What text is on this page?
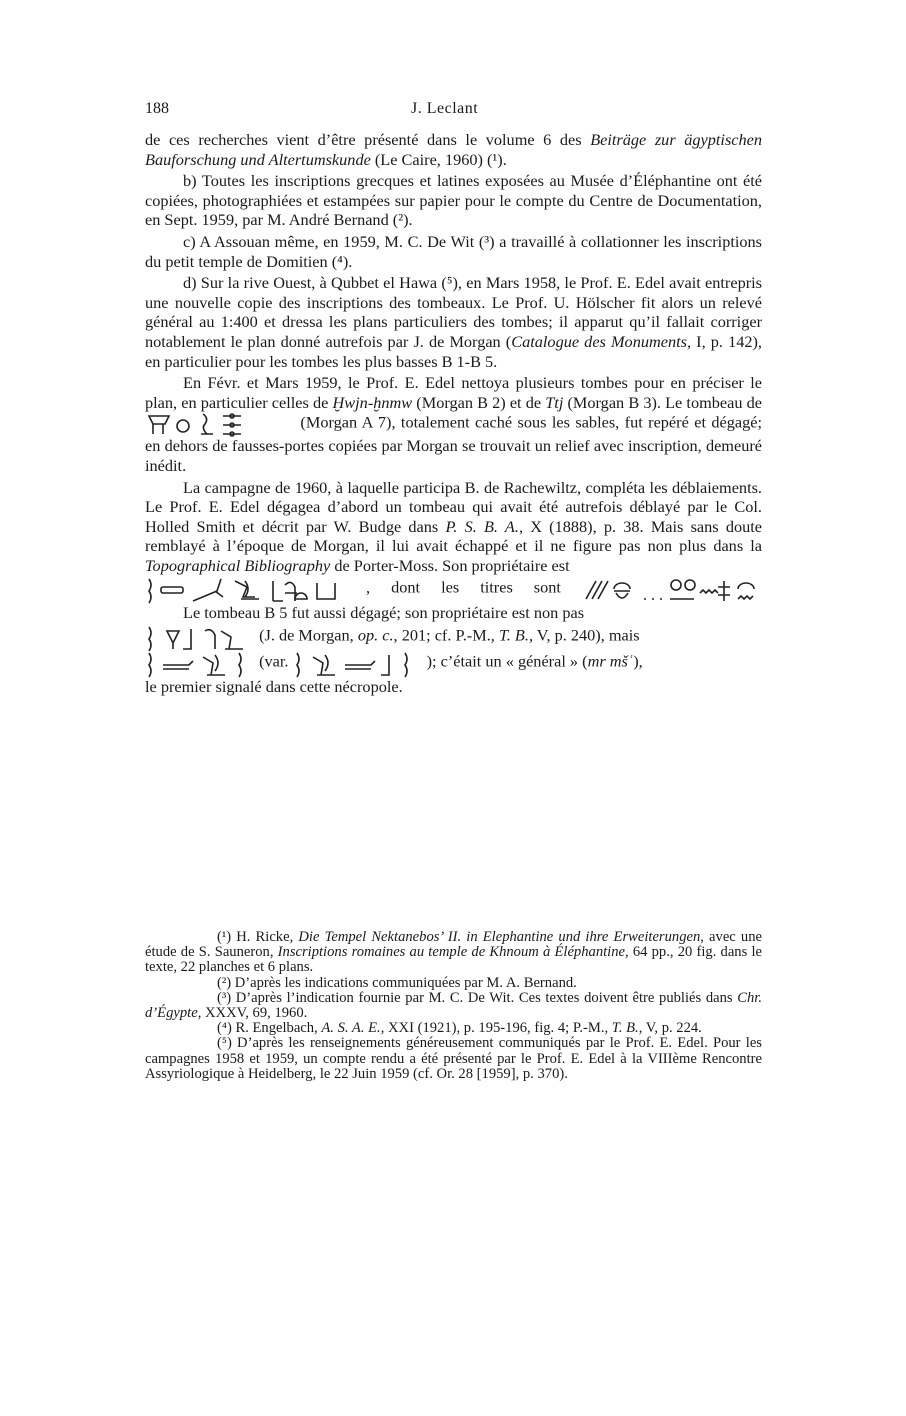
188	J. Leclant

de ces recherches vient d’être présenté dans le volume 6 des Beiträge zur ägyptischen Bauforschung und Altertumskunde (Le Caire, 1960) (¹).

b) Toutes les inscriptions grecques et latines exposées au Musée d’Éléphantine ont été copiées, photographiées et estampées sur papier pour le compte du Centre de Documentation, en Sept. 1959, par M. André Bernand (²).

c) A Assouan même, en 1959, M. C. De Wit (³) a travaillé à collationner les inscriptions du petit temple de Domitien (⁴).

d) Sur la rive Ouest, à Qubbet el Hawa (⁵), en Mars 1958, le Prof. E. Edel avait entrepris une nouvelle copie des inscriptions des tombeaux. Le Prof. U. Hölscher fit alors un relevé général au 1:400 et dressa les plans particuliers des tombes; il apparut qu’il fallait corriger notablement le plan donné autrefois par J. de Morgan (Catalogue des Monuments, I, p. 142), en particulier pour les tombes les plus basses B 1-B 5.

En Févr. et Mars 1959, le Prof. E. Edel nettoya plusieurs tombes pour en préciser le plan, en particulier celles de Ḫwjn-ḫnmw (Morgan B 2) et de Ttj (Morgan B 3). Le tombeau de
(Morgan A 7), totalement caché sous les sables, fut repéré et dégagé; en dehors de fausses-portes copiées par Morgan se trouvait un relief avec inscription, demeuré inédit.

La campagne de 1960, à laquelle participa B. de Rachewiltz, compléta les déblaiements. Le Prof. E. Edel dégagea d’abord un tombeau qui avait été autrefois déblayé par le Col. Holled Smith et décrit par W. Budge dans P. S. B. A., X (1888), p. 38. Mais sans doute remblayé à l’époque de Morgan, il lui avait échappé et il ne figure pas non plus dans la Topographical Bibliography de Porter-Moss. Son propriétaire est

, dont les titres sont

Le tombeau B 5 fut aussi dégagé; son propriétaire est non pas

(J. de Morgan, op. c., 201; cf. P.-M., T. B., V, p. 240), mais

(var.	); c’était un « général » (mr mšʿ),

le premier signalé dans cette nécropole.

(¹) H. Ricke, Die Tempel Nektanebos’ II. in Elephantine und ihre Erweiterungen, avec une étude de S. Sauneron, Inscriptions romaines au temple de Khnoum à Éléphantine, 64 pp., 20 fig. dans le texte, 22 planches et 6 plans.

(²) D’après les indications communiquées par M. A. Bernand.

(³) D’après l’indication fournie par M. C. De Wit. Ces textes doivent être publiés dans Chr. d’Égypte, XXXV, 69, 1960.

(⁴) R. Engelbach, A. S. A. E., XXI (1921), p. 195-196, fig. 4; P.-M., T. B., V, p. 224.

(⁵) D’après les renseignements généreusement communiqués par le Prof. E. Edel. Pour les campagnes 1958 et 1959, un compte rendu a été présenté par le Prof. E. Edel à la VIIIème Rencontre Assyriologique à Heidelberg, le 22 Juin 1959 (cf. Or. 28 [1959], p. 370).
